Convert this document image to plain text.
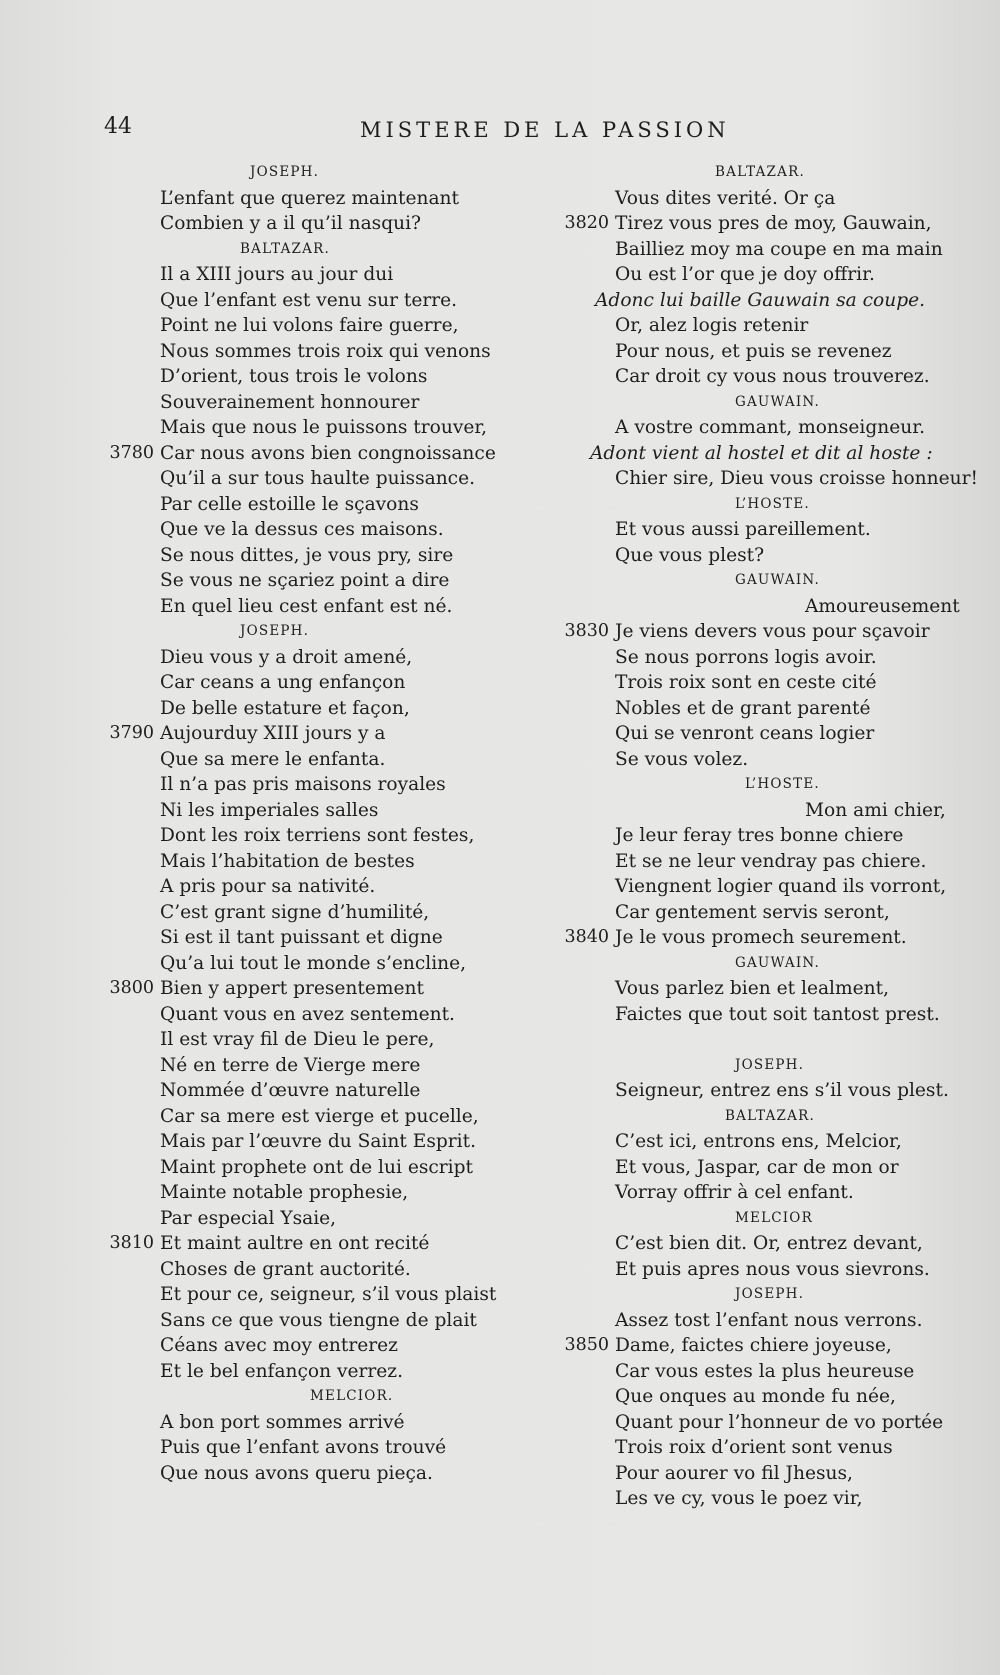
44	MISTERE DE LA PASSION
JOSEPH.
L’enfant que querez maintenant
Combien y a il qu’il nasqui?
BALTAZAR.
Il a XIII jours au jour dui
Que l’enfant est venu sur terre.
Point ne lui volons faire guerre,
Nous sommes trois roix qui venons
D’orient, tous trois le volons
Souverainement honnourer
Mais que nous le puissons trouver,
3780 Car nous avons bien congnoissance
Qu’il a sur tous haulte puissance.
Par celle estoille le sçavons
Que ve la dessus ces maisons.
Se nous dittes, je vous pry, sire
Se vous ne sçariez point a dire
En quel lieu cest enfant est né.
JOSEPH.
Dieu vous y a droit amené,
Car ceans a ung enfançon
De belle estature et façon,
3790 Aujourduy XIII jours y a
Que sa mere le enfanta.
Il n’a pas pris maisons royales
Ni les imperiales salles
Dont les roix terriens sont festes,
Mais l’habitation de bestes
A pris pour sa nativité.
C’est grant signe d’humilité,
Si est il tant puissant et digne
Qu’a lui tout le monde s’encline,
3800 Bien y appert presentement
Quant vous en avez sentement.
Il est vray fil de Dieu le pere,
Né en terre de Vierge mere
Nommée d’œuvre naturelle
Car sa mere est vierge et pucelle,
Mais par l’œuvre du Saint Esprit.
Maint prophete ont de lui escript
Mainte notable prophesie,
Par especial Ysaie,
3810 Et maint aultre en ont recité
Choses de grant auctorité.
Et pour ce, seigneur, s’il vous plaist
Sans ce que vous tiengne de plait
Céans avec moy entrerez
Et le bel enfançon verrez.
MELCIOR.
A bon port sommes arrivé
Puis que l’enfant avons trouvé
Que nous avons queru pieça.
BALTAZAR.
Vous dites verité. Or ça
3820 Tirez vous pres de moy, Gauwain,
Bailliez moy ma coupe en ma main
Ou est l’or que je doy offrir.
Adonc lui baille Gauwain sa coupe.
Or, alez logis retenir
Pour nous, et puis se revenez
Car droit cy vous nous trouverez.
GAUWAIN.
A vostre commant, monseigneur.
Adont vient al hostel et dit al hoste :
Chier sire, Dieu vous croisse honneur!
L’HOSTE.
Et vous aussi pareillement.
Que vous plest?
GAUWAIN.
Amoureusement
3830 Je viens devers vous pour sçavoir
Se nous porrons logis avoir.
Trois roix sont en ceste cité
Nobles et de grant parenté
Qui se venront ceans logier
Se vous volez.
L’HOSTE.
Mon ami chier,
Je leur feray tres bonne chiere
Et se ne leur vendray pas chiere.
Viengnent logier quand ils vorront,
Car gentement servis seront,
3840 Je le vous promech seurement.
GAUWAIN.
Vous parlez bien et lealment,
Faictes que tout soit tantost prest.
JOSEPH.
Seigneur, entrez ens s’il vous plest.
BALTAZAR.
C’est ici, entrons ens, Melcior,
Et vous, Jaspar, car de mon or
Vorray offrir à cel enfant.
MELCIOR
C’est bien dit. Or, entrez devant,
Et puis apres nous vous sievrons.
JOSEPH.
Assez tost l’enfant nous verrons.
3850 Dame, faictes chiere joyeuse,
Car vous estes la plus heureuse
Que onques au monde fu née,
Quant pour l’honneur de vo portée
Trois roix d’orient sont venus
Pour aourer vo fil Jhesus,
Les ve cy, vous le poez vir,
